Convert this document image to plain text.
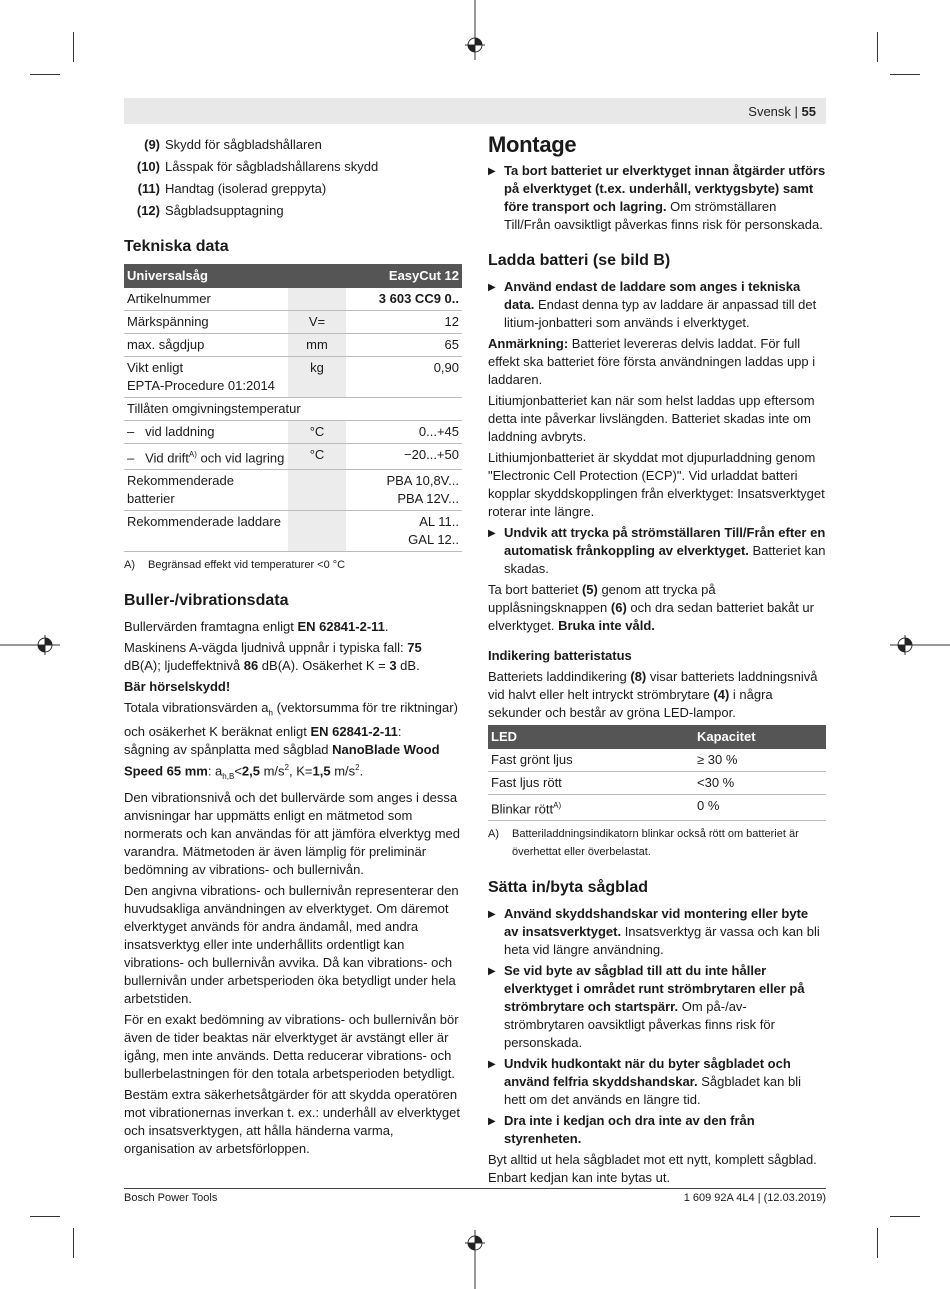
Svensk | 55
(9) Skydd för sågbladshållaren
(10) Låsspak för sågbladshållarens skydd
(11) Handtag (isolerad greppyta)
(12) Sågbladsupptagning
Tekniska data
Universalsåg		EasyCut 12
Artikelnummer		3 603 CC9 0..
Märkspänning	V=	12
max. sågdjup	mm	65
Vikt enligt
EPTA-Procedure 01:2014	kg	0,90
Tillåten omgivningstemperatur		
–   vid laddning	°C	0...+45
–   Vid drift$^{A)}$ och vid lagring	°C	−20...+50
Rekommenderade batterier		PBA 10,8V...
PBA 12V...
Rekommenderade laddare		AL 11..
GAL 12..
A)	Begränsad effekt vid temperaturer <0 °C
Buller-/vibrationsdata

Bullervärden framtagna enligt EN 62841-2-11.

Maskinens A-vägda ljudnivå uppnår i typiska fall: 75 dB(A); ljudeffektnivå 86 dB(A). Osäkerhet K = 3 dB.

Bär hörselskydd!

Totala vibrationsvärden $a_h$ (vektorsumma för tre riktningar) och osäkerhet K beräknat enligt EN 62841-2-11:
sågning av spånplatta med sågblad NanoBlade Wood Speed 65 mm: $a_{h,B}<2,5$ $m/s^2$, K=1,5 $m/s^2$.

Den vibrationsnivå och det bullervärde som anges i dessa anvisningar har uppmätts enligt en mätmetod som normerats och kan användas för att jämföra elverktyg med varandra. Mätmetoden är även lämplig för preliminär bedömning av vibrations- och bullernivån.

Den angivna vibrations- och bullernivån representerar den huvudsakliga användningen av elverktyget. Om däremot elverktyget används för andra ändamål, med andra insatsverktyg eller inte underhållits ordentligt kan vibrations- och bullernivån avvika. Då kan vibrations- och bullernivån under arbetsperioden öka betydligt under hela arbetstiden.

För en exakt bedömning av vibrations- och bullernivån bör även de tider beaktas när elverktyget är avstängt eller är igång, men inte används. Detta reducerar vibrations- och bullerbelastningen för den totala arbetsperioden betydligt.

Bestäm extra säkerhetsåtgärder för att skydda operatören mot vibrationernas inverkan t. ex.: underhåll av elverktyget och insatsverktygen, att hålla händerna varma, organisation av arbetsförloppen.

Montage
▶ Ta bort batteriet ur elverktyget innan åtgärder utförs på elverktyget (t.ex. underhåll, verktygsbyte) samt före transport och lagring. Om strömställaren Till/Från oavsiktligt påverkas finns risk för personskada.
Ladda batteri (se bild B)
▶ Använd endast de laddare som anges i tekniska data. Endast denna typ av laddare är anpassad till det litium-jonbatteri som används i elverktyget.

Anmärkning: Batteriet levereras delvis laddat. För full effekt ska batteriet före första användningen laddas upp i laddaren.

Litiumjonbatteriet kan när som helst laddas upp eftersom detta inte påverkar livslängden. Batteriet skadas inte om laddning avbryts.

Lithiumjonbatteriet är skyddat mot djupurladdning genom "Electronic Cell Protection (ECP)". Vid urladdat batteri kopplar skyddskopplingen från elverktyget: Insatsverktyget roterar inte längre.

▶ Undvik att trycka på strömställaren Till/Från efter en automatisk frånkoppling av elverktyget. Batteriet kan skadas.

Ta bort batteriet (5) genom att trycka på upplåsningsknappen (6) och dra sedan batteriet bakåt ur elverktyget. Bruka inte våld.

Indikering batteristatus

Batteriets laddindikering (8) visar batteriets laddningsnivå vid halvt eller helt intryckt strömbrytare (4) i några sekunder och består av gröna LED-lampor.

LED	Kapacitet
Fast grönt ljus	≥ 30 %
Fast ljus rött	<30 %
Blinkar rött$^{A)}$	0 %
A)	Batteriladdningsindikatorn blinkar också rött om batteriet är överhettat eller överbelastat.
Sätta in/byta sågblad
▶ Använd skyddshandskar vid montering eller byte av insatsverktyget. Insatsverktyg är vassa och kan bli heta vid längre användning.
▶ Se vid byte av sågblad till att du inte håller elverktyget i området runt strömbrytaren eller på strömbrytare och startspärr. Om på-/av-strömbrytaren oavsiktligt påverkas finns risk för personskada.
▶ Undvik hudkontakt när du byter sågbladet och använd felfria skyddshandskar. Sågbladet kan bli hett om det används en längre tid.
▶ Dra inte i kedjan och dra inte av den från styrenheten.

Byt alltid ut hela sågbladet mot ett nytt, komplett sågblad. Enbart kedjan kan inte bytas ut.

Bosch Power Tools	1 609 92A 4L4 | (12.03.2019)
